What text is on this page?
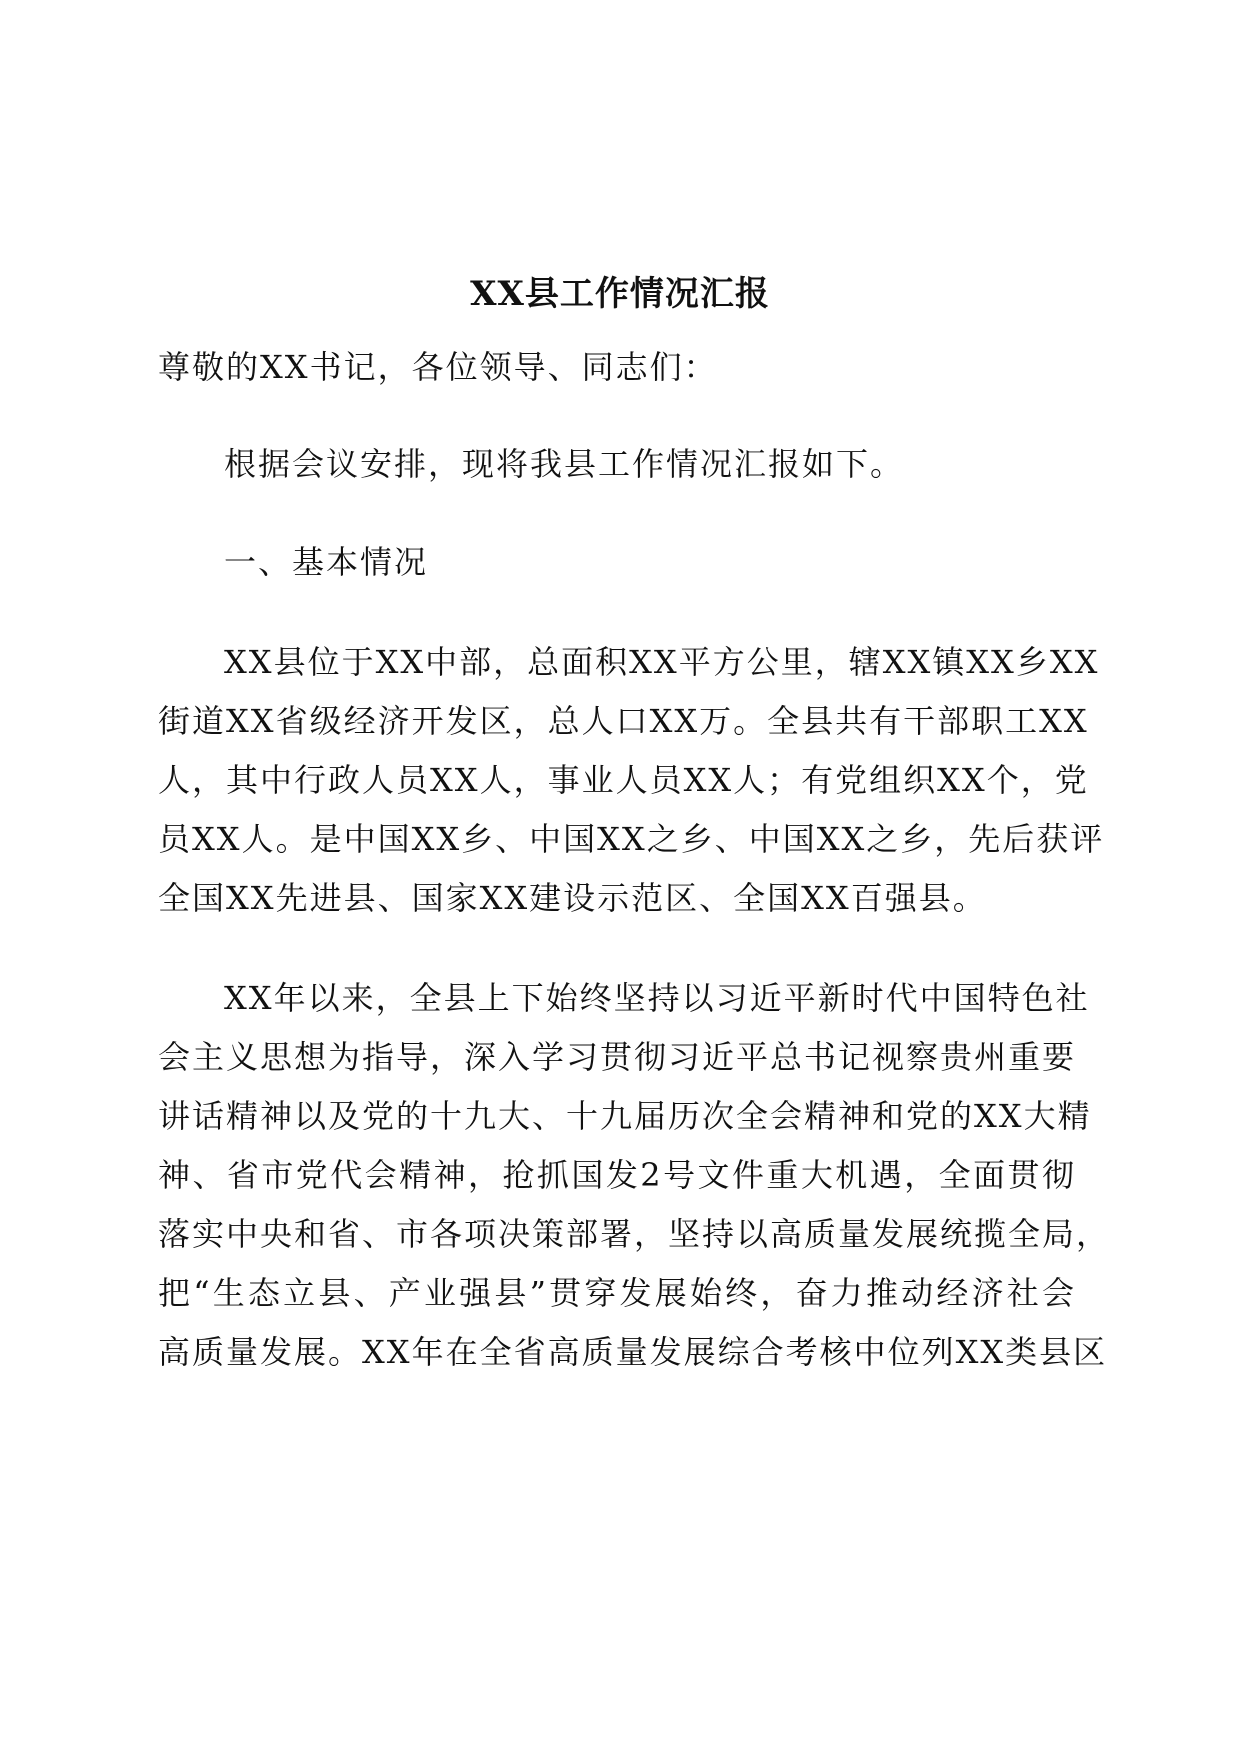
XX县工作情况汇报
尊敬的XX书记，各位领导、同志们：
根据会议安排，现将我县工作情况汇报如下。
一、基本情况
XX县位于XX中部，总面积XX平方公里，辖XX镇XX乡XX
街道XX省级经济开发区，总人口XX万。全县共有干部职工XX
人，其中行政人员XX人，事业人员XX人；有党组织XX个，党
员XX人。是中国XX乡、中国XX之乡、中国XX之乡，先后获评
全国XX先进县、国家XX建设示范区、全国XX百强县。
XX年以来，全县上下始终坚持以习近平新时代中国特色社
会主义思想为指导，深入学习贯彻习近平总书记视察贵州重要
讲话精神以及党的十九大、十九届历次全会精神和党的XX大精
神、省市党代会精神，抢抓国发2号文件重大机遇，全面贯彻
落实中央和省、市各项决策部署，坚持以高质量发展统揽全局，
把“生态立县、产业强县”贯穿发展始终，奋力推动经济社会
高质量发展。XX年在全省高质量发展综合考核中位列XX类县区
